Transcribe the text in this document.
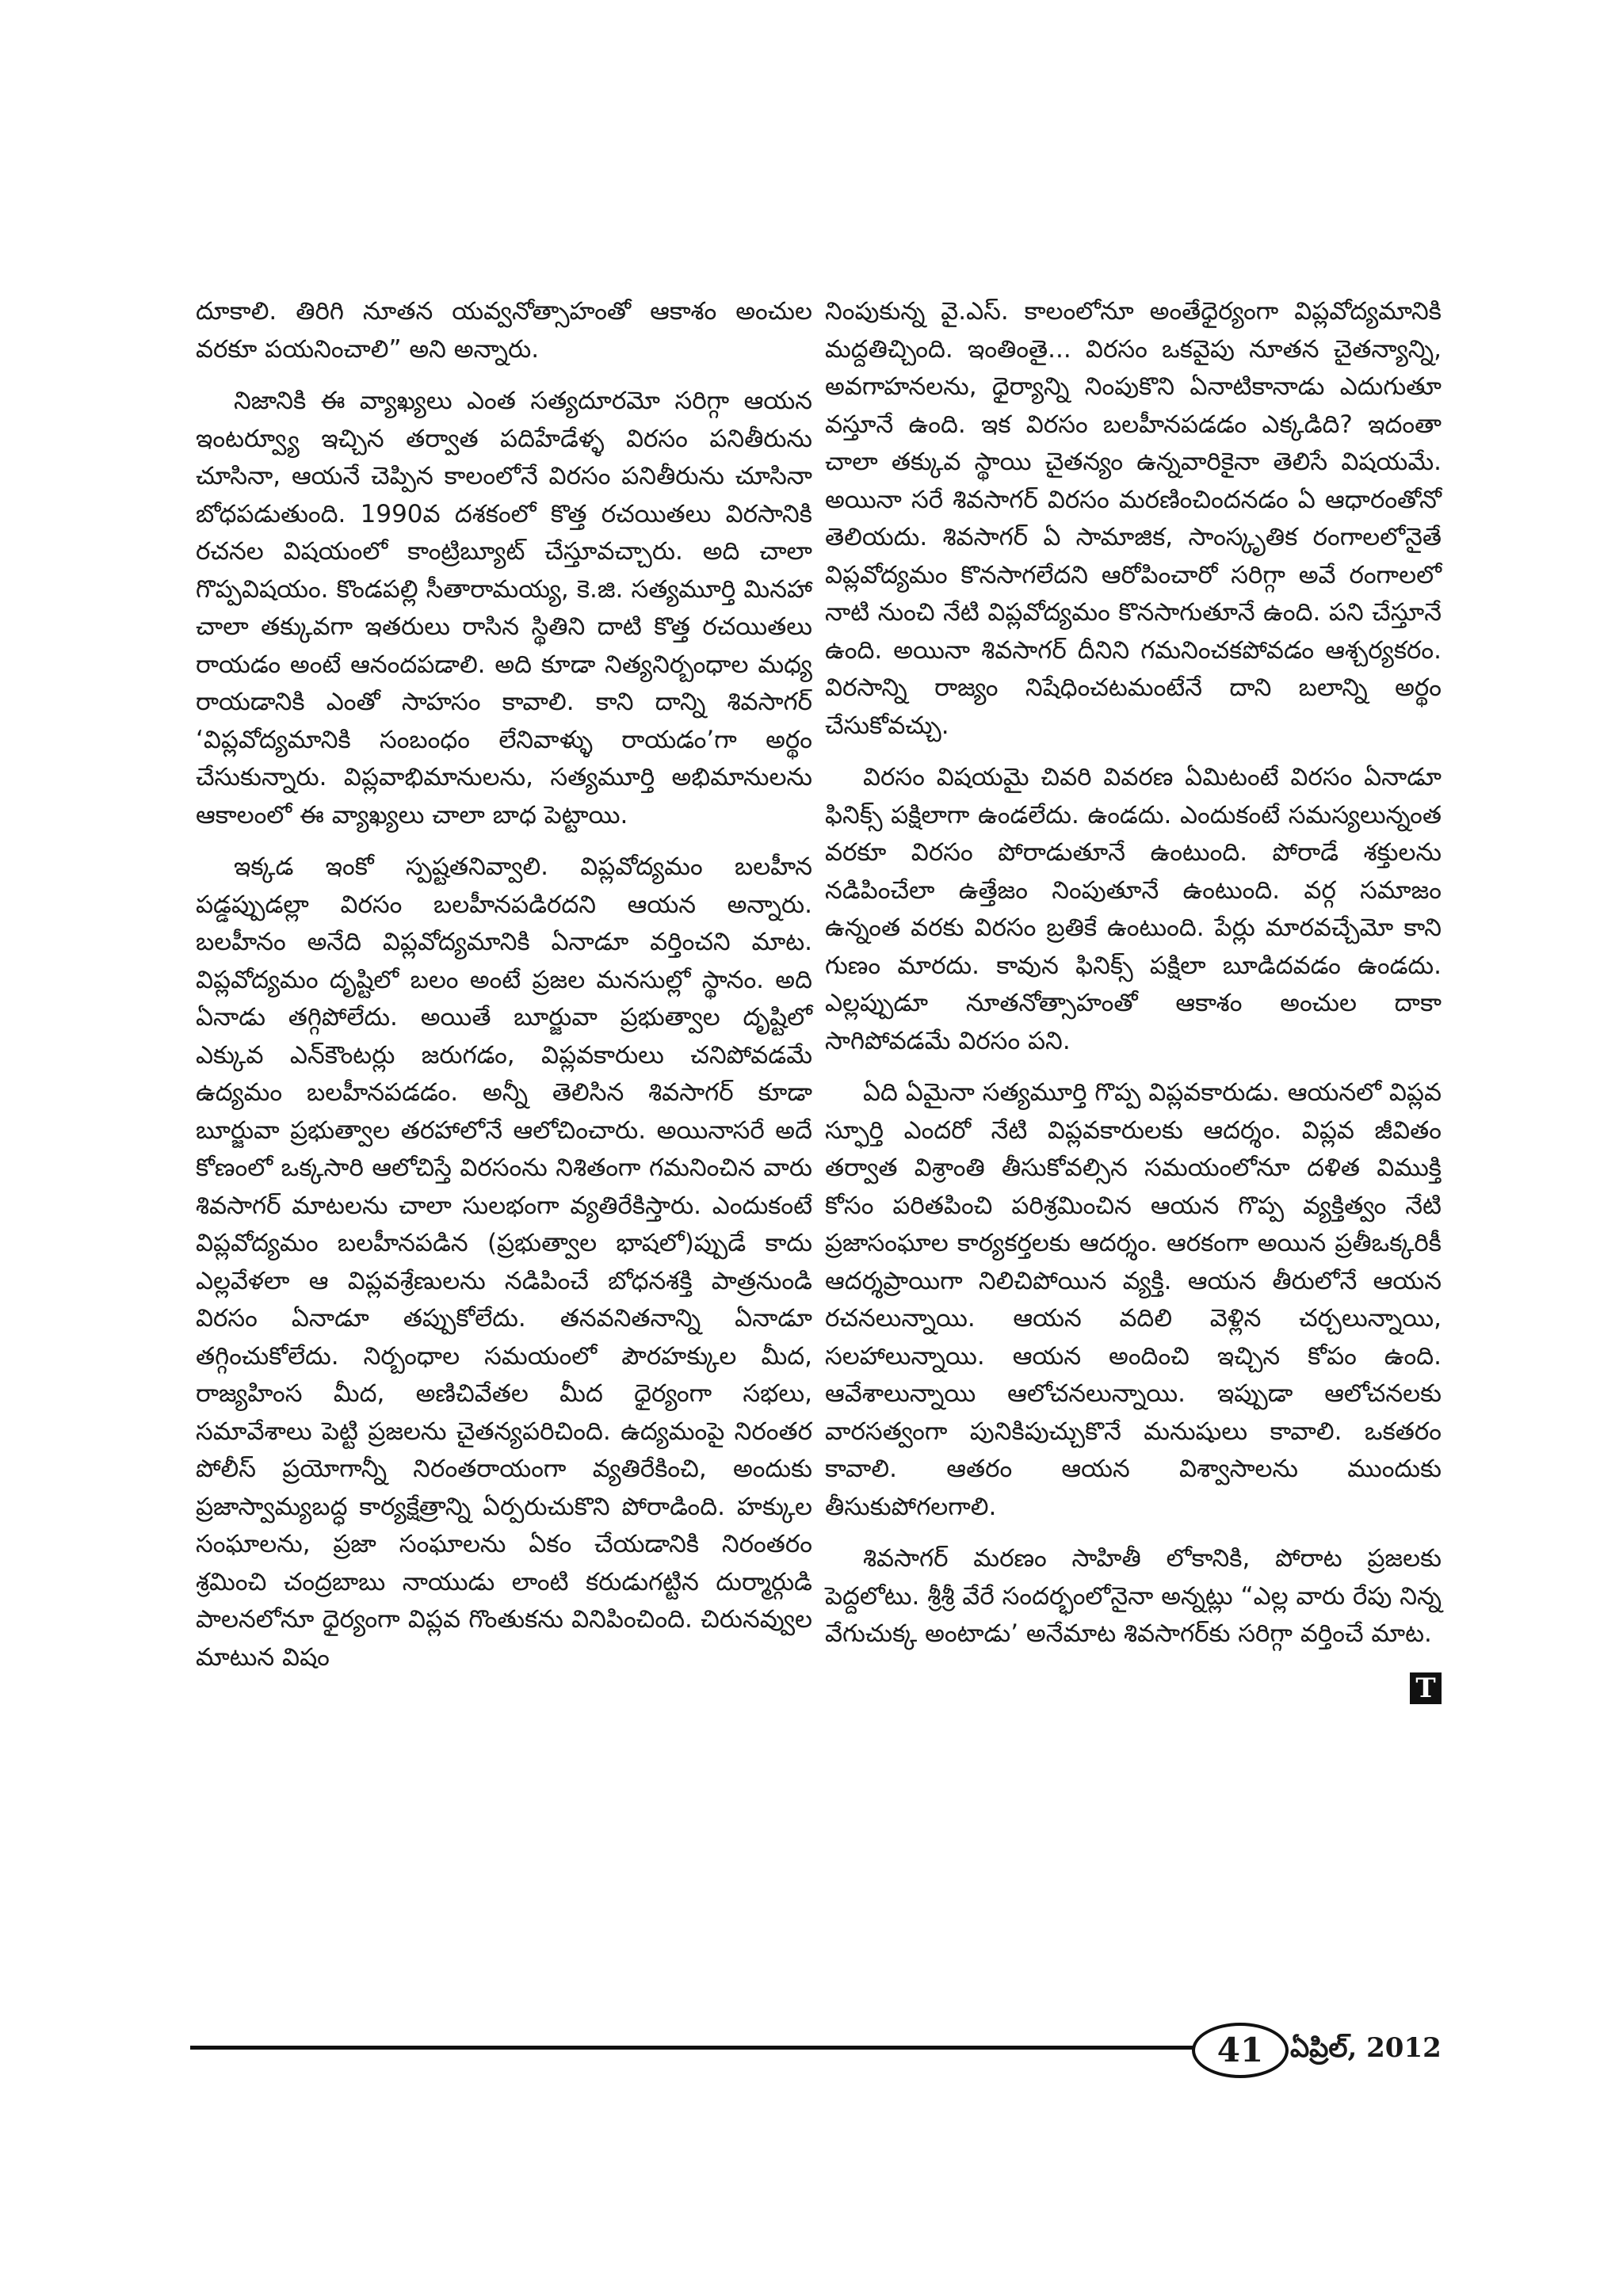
దూకాలి. తిరిగి నూతన యవ్వనోత్సాహంతో ఆకాశం అంచుల వరకూ పయనించాలి” అని అన్నారు.

నిజానికి ఈ వ్యాఖ్యలు ఎంత సత్యదూరమో సరిగ్గా ఆయన ఇంటర్వ్యూ ఇచ్చిన తర్వాత పదిహేడేళ్ళ విరసం పనితీరును చూసినా, ఆయనే చెప్పిన కాలంలోనే విరసం పనితీరును చూసినా బోధపడుతుంది. 1990వ దశకంలో కొత్త రచయితలు విరసానికి రచనల విషయంలో కాంట్రిబ్యూట్ చేస్తూవచ్చారు. అది చాలా గొప్పవిషయం. కొండపల్లి సీతారామయ్య, కె.జి. సత్యమూర్తి మినహా చాలా తక్కువగా ఇతరులు రాసిన స్థితిని దాటి కొత్త రచయితలు రాయడం అంటే ఆనందపడాలి. అది కూడా నిత్యనిర్బంధాల మధ్య రాయడానికి ఎంతో సాహసం కావాలి. కాని దాన్ని శివసాగర్ ‘విప్లవోద్యమానికి సంబంధం లేనివాళ్ళు రాయడం’గా అర్థం చేసుకున్నారు. విప్లవాభిమానులను, సత్యమూర్తి అభిమానులను ఆకాలంలో ఈ వ్యాఖ్యలు చాలా బాధ పెట్టాయి.

ఇక్కడ ఇంకో స్పష్టతనివ్వాలి. విప్లవోద్యమం బలహీన పడ్డప్పుడల్లా విరసం బలహీనపడిరదని ఆయన అన్నారు. బలహీనం అనేది విప్లవోద్యమానికి ఏనాడూ వర్తించని మాట. విప్లవోద్యమం దృష్టిలో బలం అంటే ప్రజల మనసుల్లో స్థానం. అది ఏనాడు తగ్గిపోలేదు. అయితే బూర్జువా ప్రభుత్వాల దృష్టిలో ఎక్కువ ఎన్‌కౌంటర్లు జరుగడం, విప్లవకారులు చనిపోవడమే ఉద్యమం బలహీనపడడం. అన్నీ తెలిసిన శివసాగర్ కూడా బూర్జువా ప్రభుత్వాల తరహాలోనే ఆలోచించారు. అయినాసరే అదే కోణంలో ఒక్కసారి ఆలోచిస్తే విరసంను నిశితంగా గమనించిన వారు శివసాగర్ మాటలను చాలా సులభంగా వ్యతిరేకిస్తారు. ఎందుకంటే విప్లవోద్యమం బలహీనపడిన (ప్రభుత్వాల భాషలో)ప్పుడే కాదు ఎల్లవేళలా ఆ విప్లవశ్రేణులను నడిపించే బోధనశక్తి పాత్రనుండి విరసం ఏనాడూ తప్పుకోలేదు. తనవనితనాన్ని ఏనాడూ తగ్గించుకోలేదు. నిర్బంధాల సమయంలో పౌరహక్కుల మీద, రాజ్యహింస మీద, అణిచివేతల మీద ధైర్యంగా సభలు, సమావేశాలు పెట్టి ప్రజలను చైతన్యపరిచింది. ఉద్యమంపై నిరంతర పోలీస్ ప్రయోగాన్నీ నిరంతరాయంగా వ్యతిరేకించి, అందుకు ప్రజాస్వామ్యబద్ధ కార్యక్షేత్రాన్ని ఏర్పరుచుకొని పోరాడింది. హక్కుల సంఘాలను, ప్రజా సంఘాలను ఏకం చేయడానికి నిరంతరం శ్రమించి చంద్రబాబు నాయుడు లాంటి కరుడుగట్టిన దుర్మార్గుడి పాలనలోనూ ధైర్యంగా విప్లవ గొంతుకను వినిపించింది. చిరునవ్వుల మాటున విషం

నింపుకున్న వై.ఎస్. కాలంలోనూ అంతేధైర్యంగా విప్లవోద్యమానికి మద్దతిచ్చింది. ఇంతింతై... విరసం ఒకవైపు నూతన చైతన్యాన్ని, అవగాహనలను, ధైర్యాన్ని నింపుకొని ఏనాటికానాడు ఎదుగుతూ వస్తూనే ఉంది. ఇక విరసం బలహీనపడడం ఎక్కడిది? ఇదంతా చాలా తక్కువ స్థాయి చైతన్యం ఉన్నవారికైనా తెలిసే విషయమే. అయినా సరే శివసాగర్ విరసం మరణించిందనడం ఏ ఆధారంతోనో తెలియదు. శివసాగర్ ఏ సామాజిక, సాంస్కృతిక రంగాలలోనైతే విప్లవోద్యమం కొనసాగలేదని ఆరోపించారో సరిగ్గా అవే రంగాలలో నాటి నుంచి నేటి విప్లవోద్యమం కొనసాగుతూనే ఉంది. పని చేస్తూనే ఉంది. అయినా శివసాగర్ దీనిని గమనించకపోవడం ఆశ్చర్యకరం. విరసాన్ని రాజ్యం నిషేధించటమంటేనే దాని బలాన్ని అర్థం చేసుకోవచ్చు.

విరసం విషయమై చివరి వివరణ ఏమిటంటే విరసం ఏనాడూ ఫినిక్స్ పక్షిలాగా ఉండలేదు. ఉండదు. ఎందుకంటే సమస్యలున్నంత వరకూ విరసం పోరాడుతూనే ఉంటుంది. పోరాడే శక్తులను నడిపించేలా ఉత్తేజం నింపుతూనే ఉంటుంది. వర్గ సమాజం ఉన్నంత వరకు విరసం బ్రతికే ఉంటుంది. పేర్లు మారవచ్చేమో కాని గుణం మారదు. కావున ఫినిక్స్ పక్షిలా బూడిదవడం ఉండదు. ఎల్లప్పుడూ నూతనోత్సాహంతో ఆకాశం అంచుల దాకా సాగిపోవడమే విరసం పని.

ఏది ఏమైనా సత్యమూర్తి గొప్ప విప్లవకారుడు. ఆయనలో విప్లవ స్ఫూర్తి ఎందరో నేటి విప్లవకారులకు ఆదర్శం. విప్లవ జీవితం తర్వాత విశ్రాంతి తీసుకోవల్సిన సమయంలోనూ దళిత విముక్తి కోసం పరితపించి పరిశ్రమించిన ఆయన గొప్ప వ్యక్తిత్వం నేటి ప్రజాసంఘాల కార్యకర్తలకు ఆదర్శం. ఆరకంగా అయిన ప్రతీఒక్కరికీ ఆదర్శప్రాయిగా నిలిచిపోయిన వ్యక్తి. ఆయన తీరులోనే ఆయన రచనలున్నాయి. ఆయన వదిలి వెళ్లిన చర్చలున్నాయి, సలహాలున్నాయి. ఆయన అందించి ఇచ్చిన కోపం ఉంది. ఆవేశాలున్నాయి ఆలోచనలున్నాయి. ఇప్పుడా ఆలోచనలకు వారసత్వంగా పునికిపుచ్చుకొనే మనుషులు కావాలి. ఒకతరం కావాలి. ఆతరం ఆయన విశ్వాసాలను ముందుకు తీసుకుపోగలగాలి.

శివసాగర్ మరణం సాహితీ లోకానికి, పోరాట ప్రజలకు పెద్దలోటు. శ్రీశ్రీ వేరే సందర్భంలోనైనా అన్నట్లు “ఎల్ల వారు రేపు నిన్న వేగుచుక్క అంటాడు’ అనేమాట శివసాగర్‌కు సరిగ్గా వర్తించే మాట.

T
41 ఏప్రిల్, 2012
